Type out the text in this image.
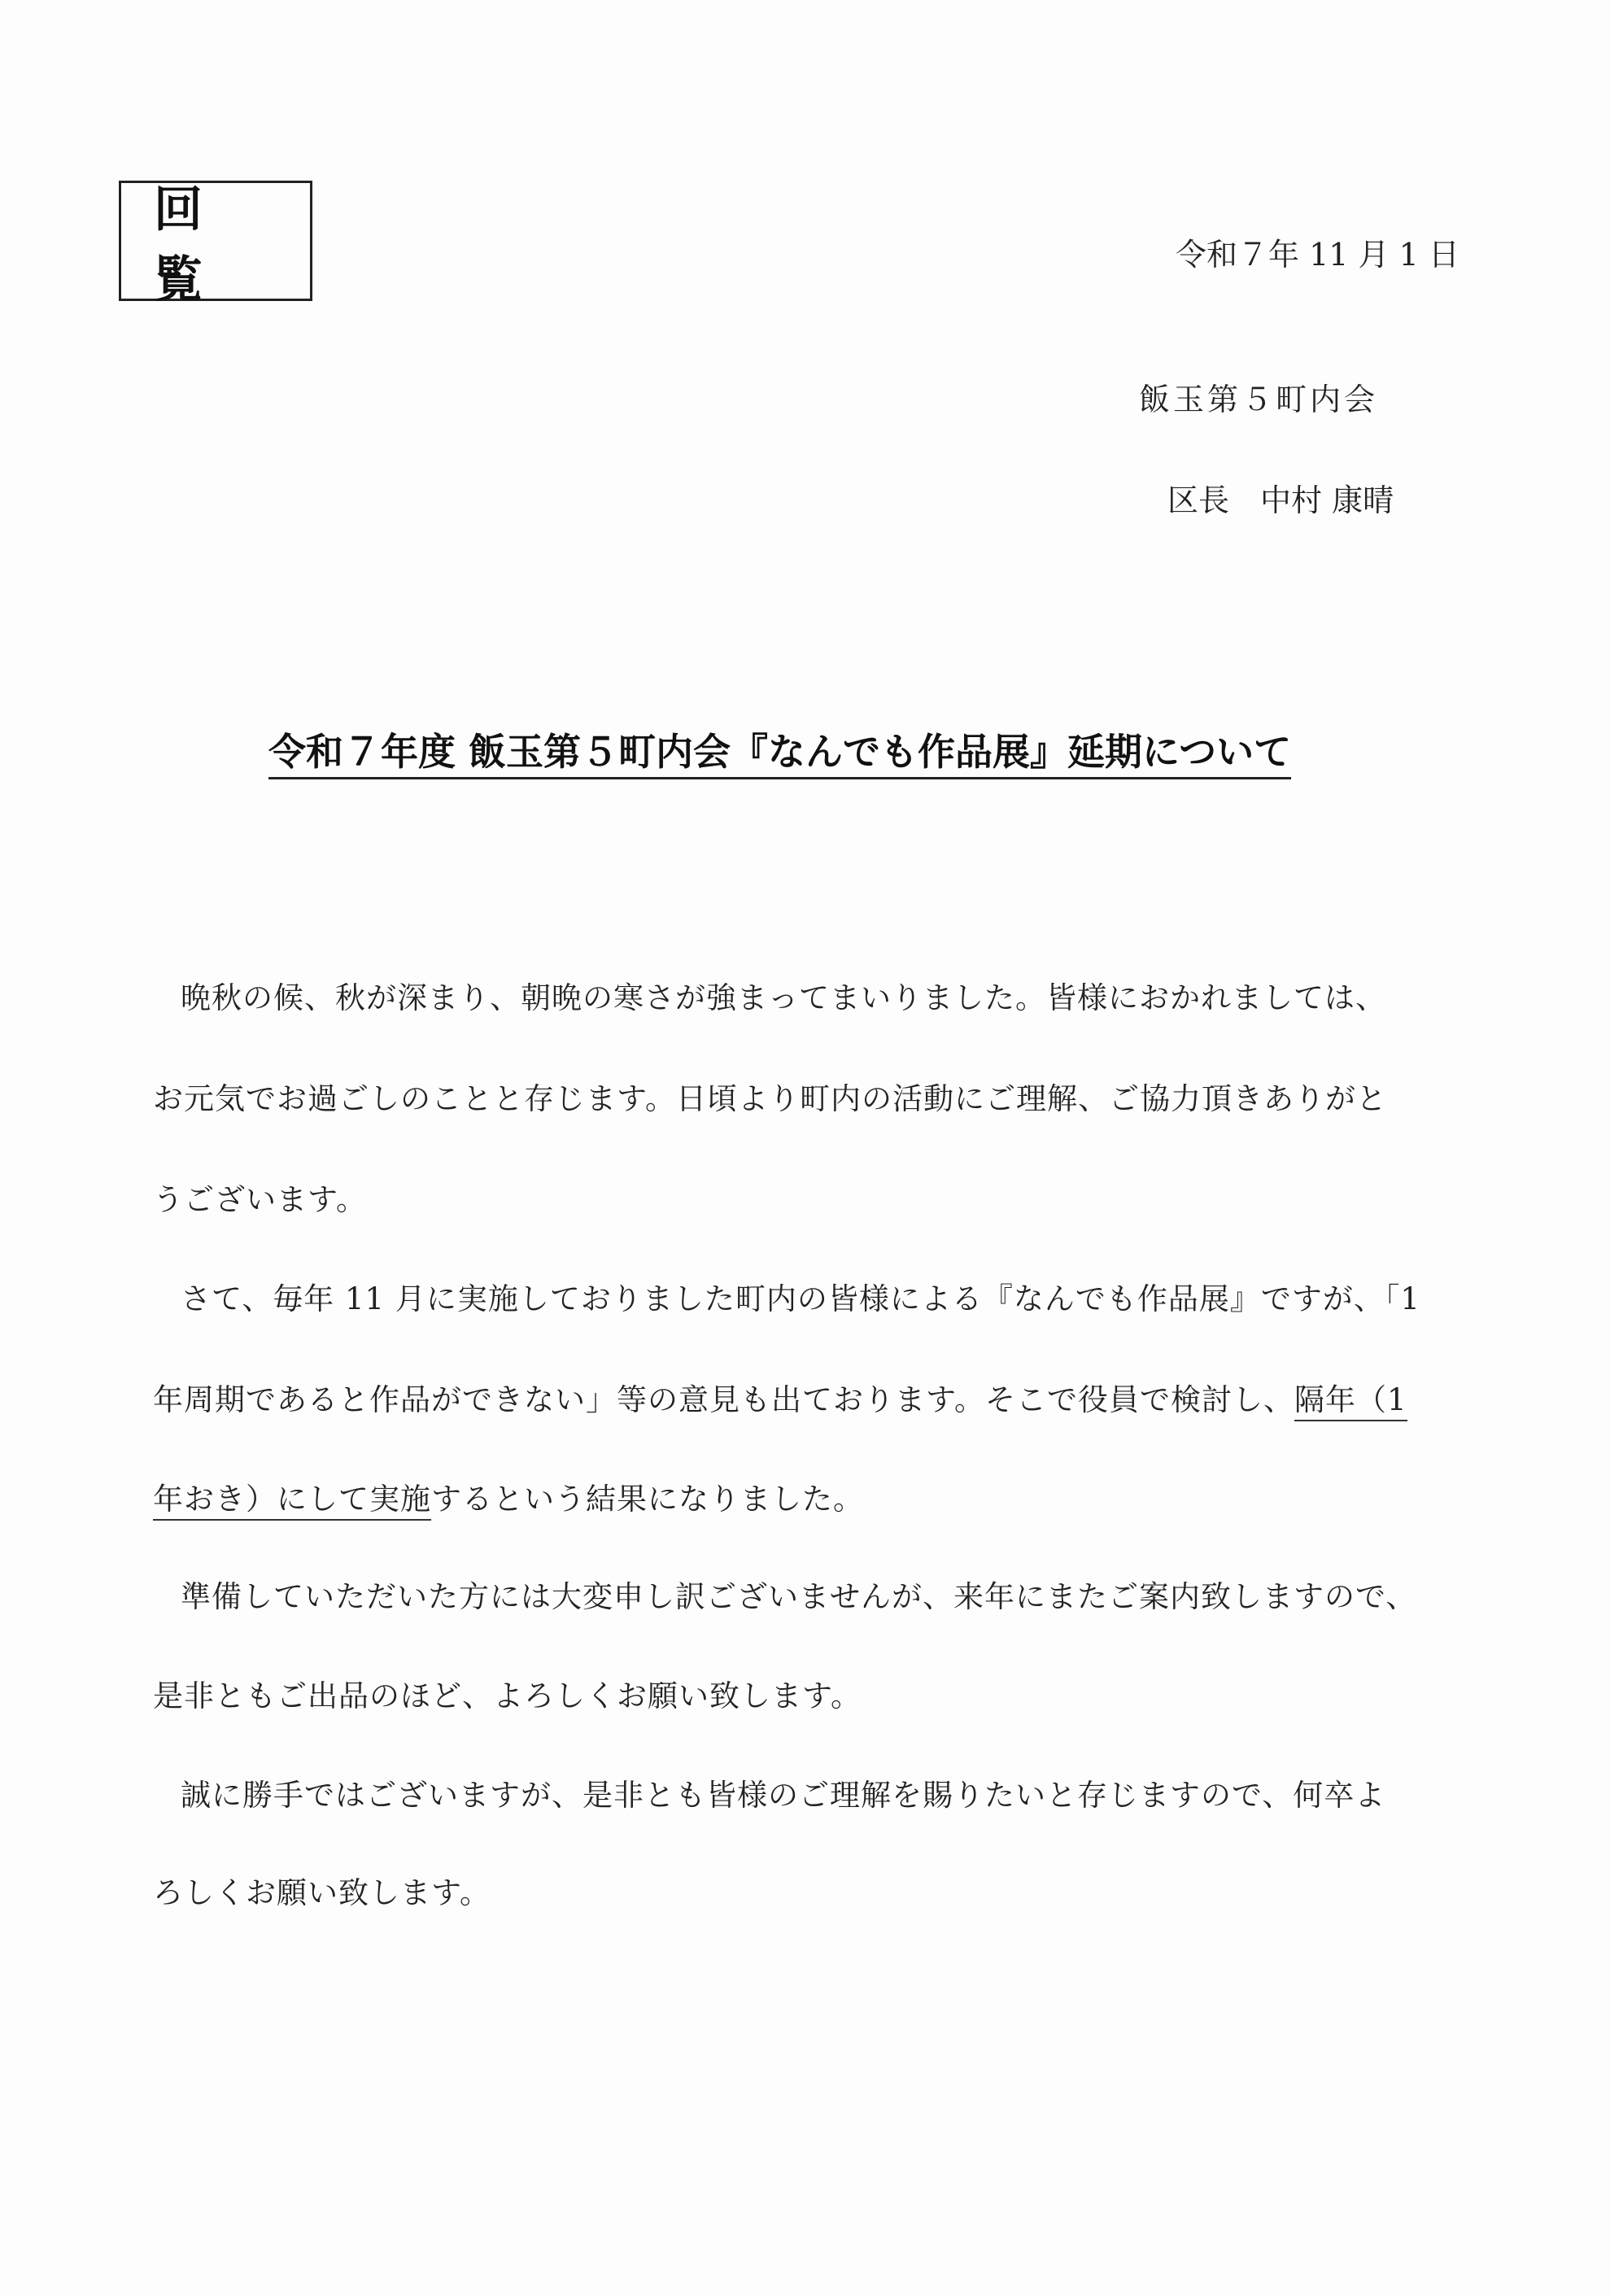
回 覧	令和７年 11 月 1 日
飯玉第５町内会
区長　中村 康晴
令和７年度 飯玉第５町内会『なんでも作品展』延期について
晩秋の候、秋が深まり、朝晩の寒さが強まってまいりました。皆様におかれましては、
お元気でお過ごしのことと存じます。日頃より町内の活動にご理解、ご協力頂きありがと
うございます。
さて、毎年 11 月に実施しておりました町内の皆様による『なんでも作品展』ですが、「1
年周期であると作品ができない」等の意見も出ております。そこで役員で検討し、隔年（1
年おき）にして実施するという結果になりました。
準備していただいた方には大変申し訳ございませんが、来年にまたご案内致しますので、
是非ともご出品のほど、よろしくお願い致します。
誠に勝手ではございますが、是非とも皆様のご理解を賜りたいと存じますので、何卒よ
ろしくお願い致します。
